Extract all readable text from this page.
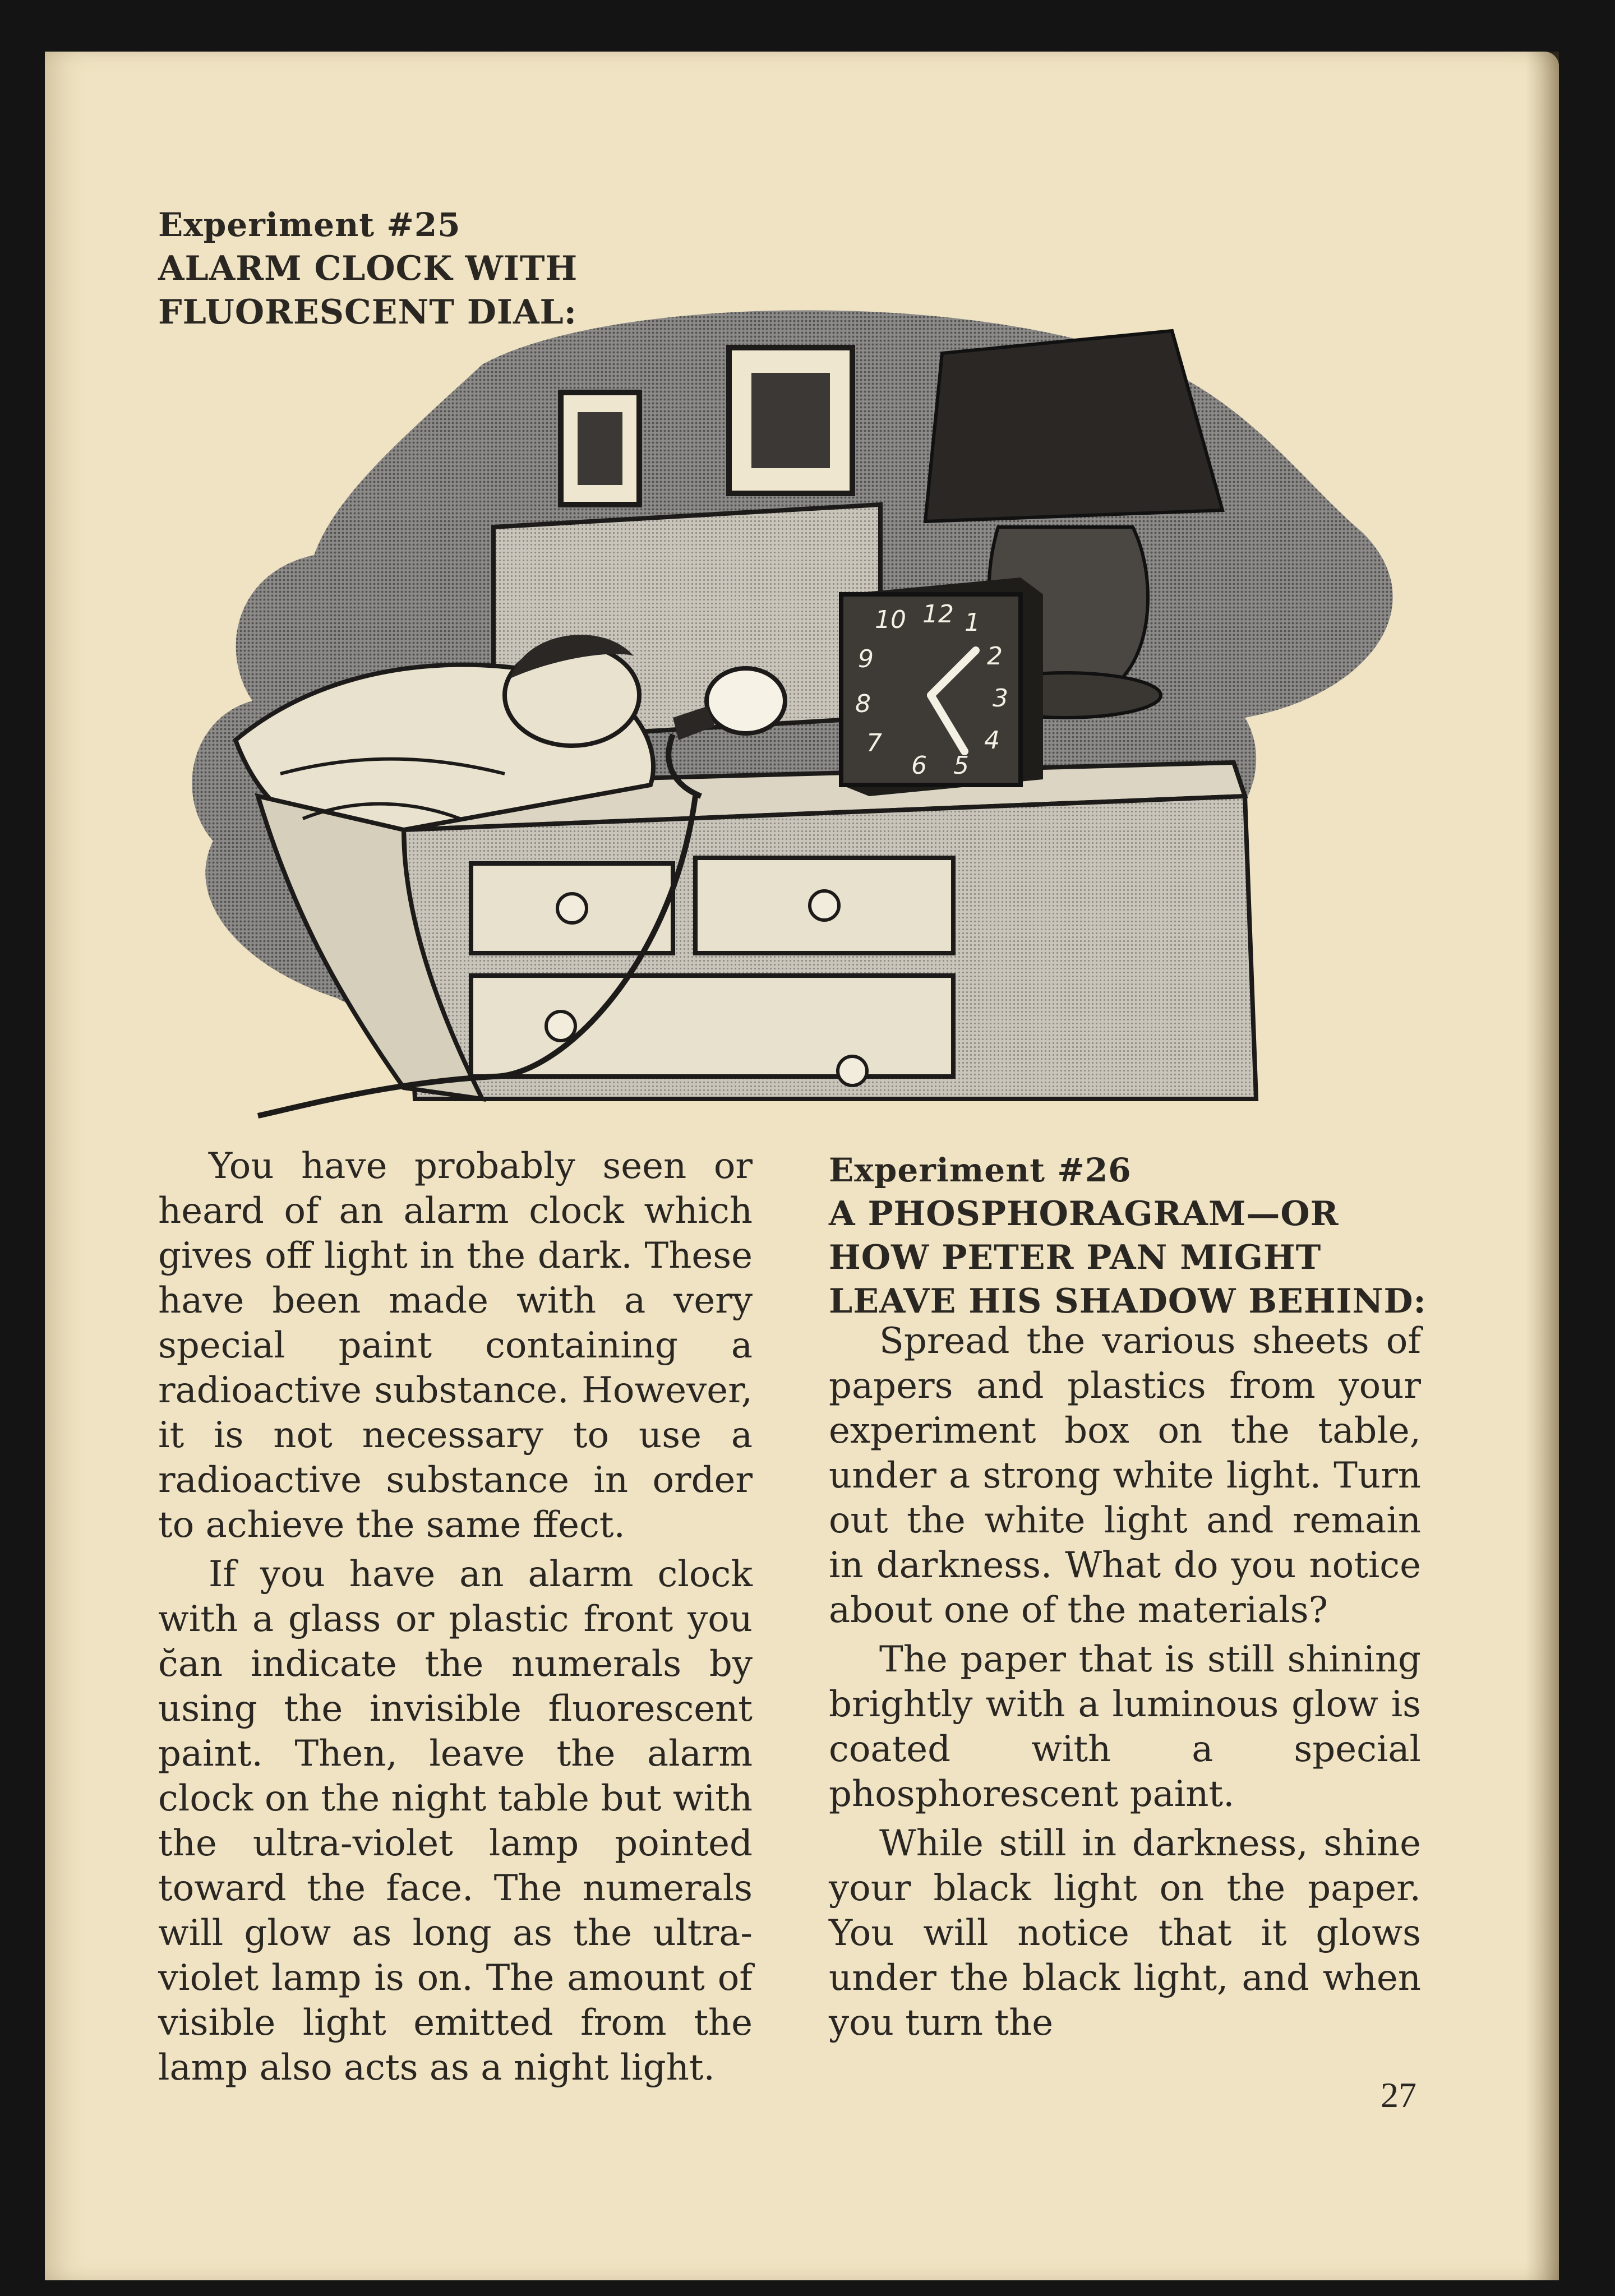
Experiment #25
ALARM CLOCK WITH
FLUORESCENT DIAL:
12 1
2
3
4
5
6
7
8
9
10

You have probably seen or heard of an alarm clock which gives off light in the dark. These have been made with a very special paint containing a radioactive substance. However, it is not necessary to use a radioactive substance in order to achieve the same ffect.

If you have an alarm clock with a glass or plastic front you c̆an indicate the numerals by using the invisible fluorescent paint. Then, leave the alarm clock on the night table but with the ultra-violet lamp pointed toward the face. The numerals will glow as long as the ultra-violet lamp is on. The amount of visible light emitted from the lamp also acts as a night light.

Experiment #26
A PHOSPHORAGRAM—OR
HOW PETER PAN MIGHT
LEAVE HIS SHADOW BEHIND:

Spread the various sheets of papers and plastics from your experiment box on the table, under a strong white light. Turn out the white light and remain in darkness. What do you notice about one of the materials?

The paper that is still shining brightly with a luminous glow is coated with a special phosphorescent paint.

While still in darkness, shine your black light on the paper. You will notice that it glows under the black light, and when you turn the

27
